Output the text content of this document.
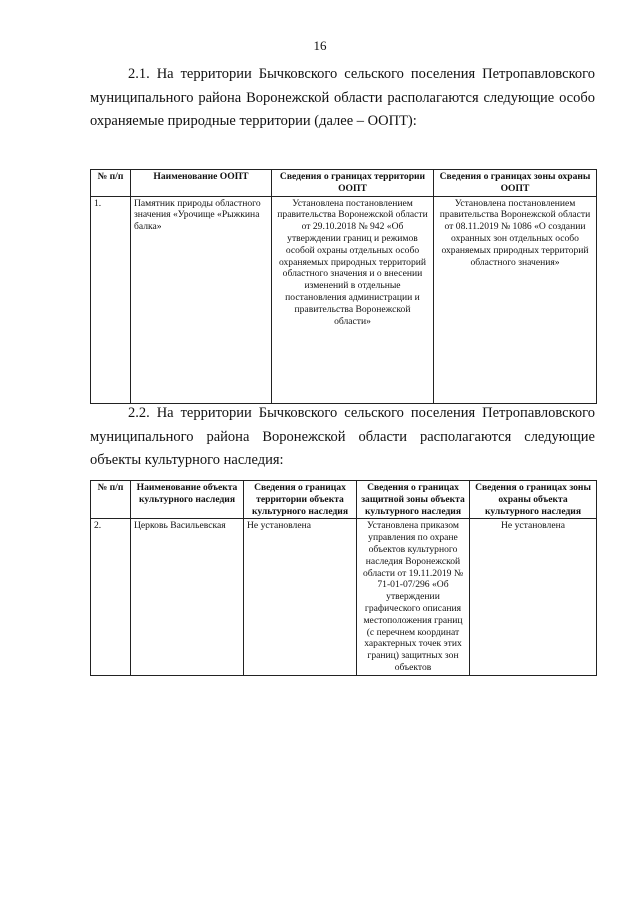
16
2.1. На территории Бычковского сельского поселения Петропавловского муниципального района Воронежской области располагаются следующие особо охраняемые природные территории (далее – ООПТ):
№ п/п	Наименование ООПТ	Сведения о границах территории ООПТ	Сведения о границах зоны охраны ООПТ
1.	Памятник природы областного значения «Урочище «Рыжкина балка»	Установлена постановлением правительства Воронежской области от 29.10.2018 № 942 «Об утверждении границ и режимов особой охраны отдельных особо охраняемых природных территорий областного значения и о внесении изменений в отдельные постановления администрации и правительства Воронежской области»	Установлена постановлением правительства Воронежской области от 08.11.2019 № 1086 «О создании охранных зон отдельных особо охраняемых природных территорий областного значения»
2.2. На территории Бычковского сельского поселения Петропавловского муниципального района Воронежской области располагаются следующие объекты культурного наследия:
№ п/п	Наименование объекта культурного наследия	Сведения о границах территории объекта культурного наследия	Сведения о границах защитной зоны объекта культурного наследия	Сведения о границах зоны охраны объекта культурного наследия
2.	Церковь Васильевская	Не установлена	Установлена приказом управления по охране объектов культурного наследия Воронежской области от 19.11.2019 № 71-01-07/296 «Об утверждении графического описания местоположения границ (с перечнем координат характерных точек этих границ) защитных зон объектов	Не установлена
